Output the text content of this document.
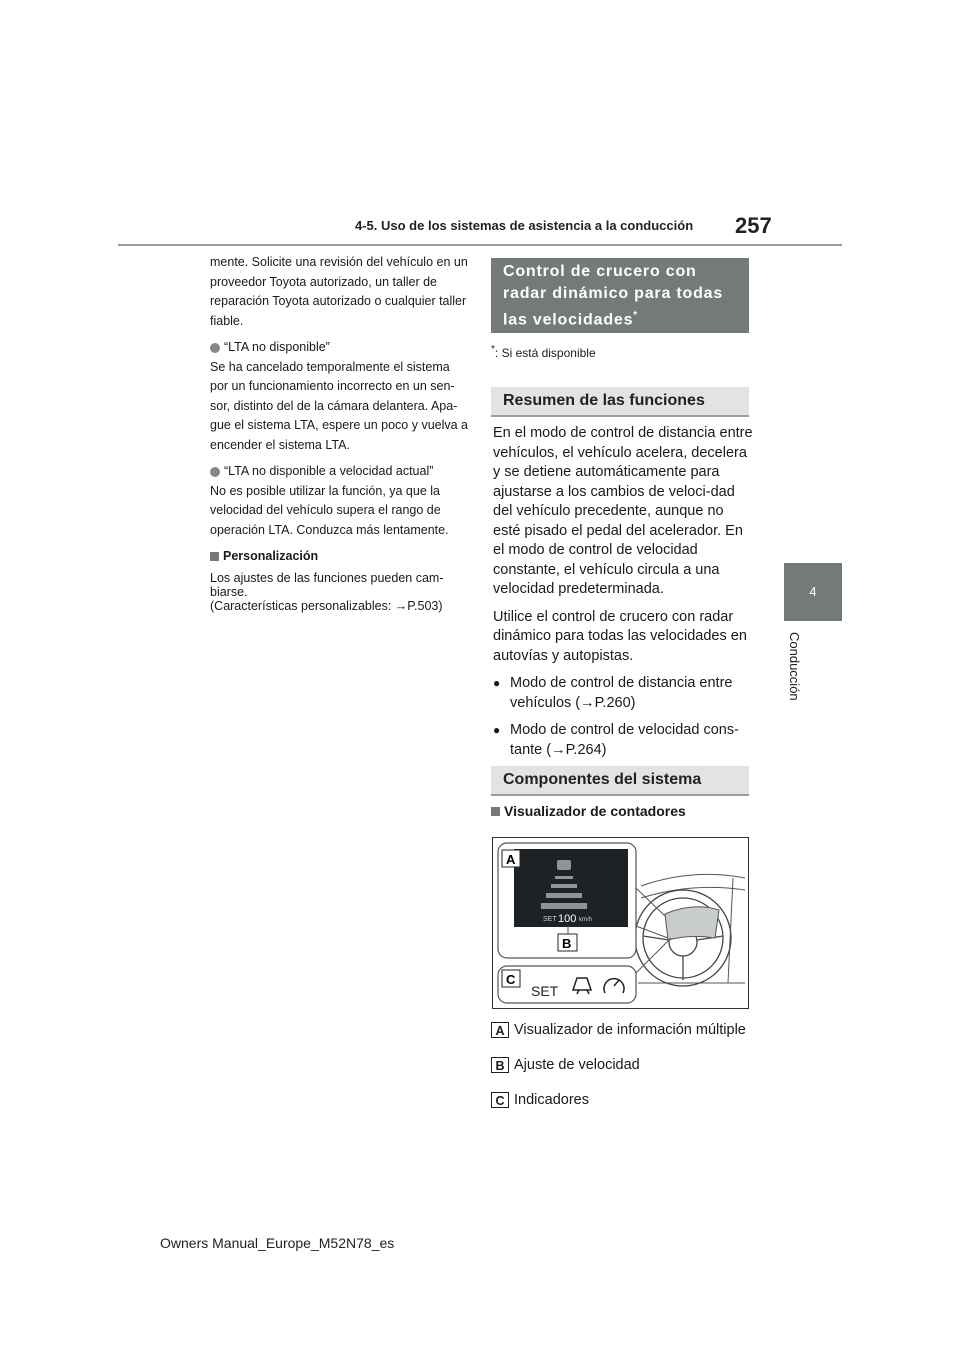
4-5. Uso de los sistemas de asistencia a la conducción	257
4
Conducción

mente. Solicite una revisión del vehículo en un proveedor Toyota autorizado, un taller de reparación Toyota autorizado o cualquier taller fiable.

“LTA no disponible”
Se ha cancelado temporalmente el sistema por un funcionamiento incorrecto en un sen-sor, distinto del de la cámara delantera. Apa-gue el sistema LTA, espere un poco y vuelva a encender el sistema LTA.
“LTA no disponible a velocidad actual”
No es posible utilizar la función, ya que la velocidad del vehículo supera el rango de operación LTA. Conduzca más lentamente.
Personalización
Los ajustes de las funciones pueden cam-biarse.
(Características personalizables: →P.503)
Control de crucero con
radar dinámico para todas
las velocidades*
*: Si está disponible
Resumen de las funciones

En el modo de control de distancia entre vehículos, el vehículo acelera, decelera y se detiene automáticamente para ajustarse a los cambios de veloci-dad del vehículo precedente, aunque no esté pisado el pedal del acelerador. En el modo de control de velocidad constante, el vehículo circula a una velocidad predeterminada.

Utilice el control de crucero con radar dinámico para todas las velocidades en autovías y autopistas.

● Modo de control de distancia entre vehículos (→P.260)
● Modo de control de velocidad cons-tante (→P.264)
Componentes del sistema
Visualizador de contadores
SET 100 km/h
A
B
C
SET
A Visualizador de información múltiple
B Ajuste de velocidad
C Indicadores
Owners Manual_Europe_M52N78_es
